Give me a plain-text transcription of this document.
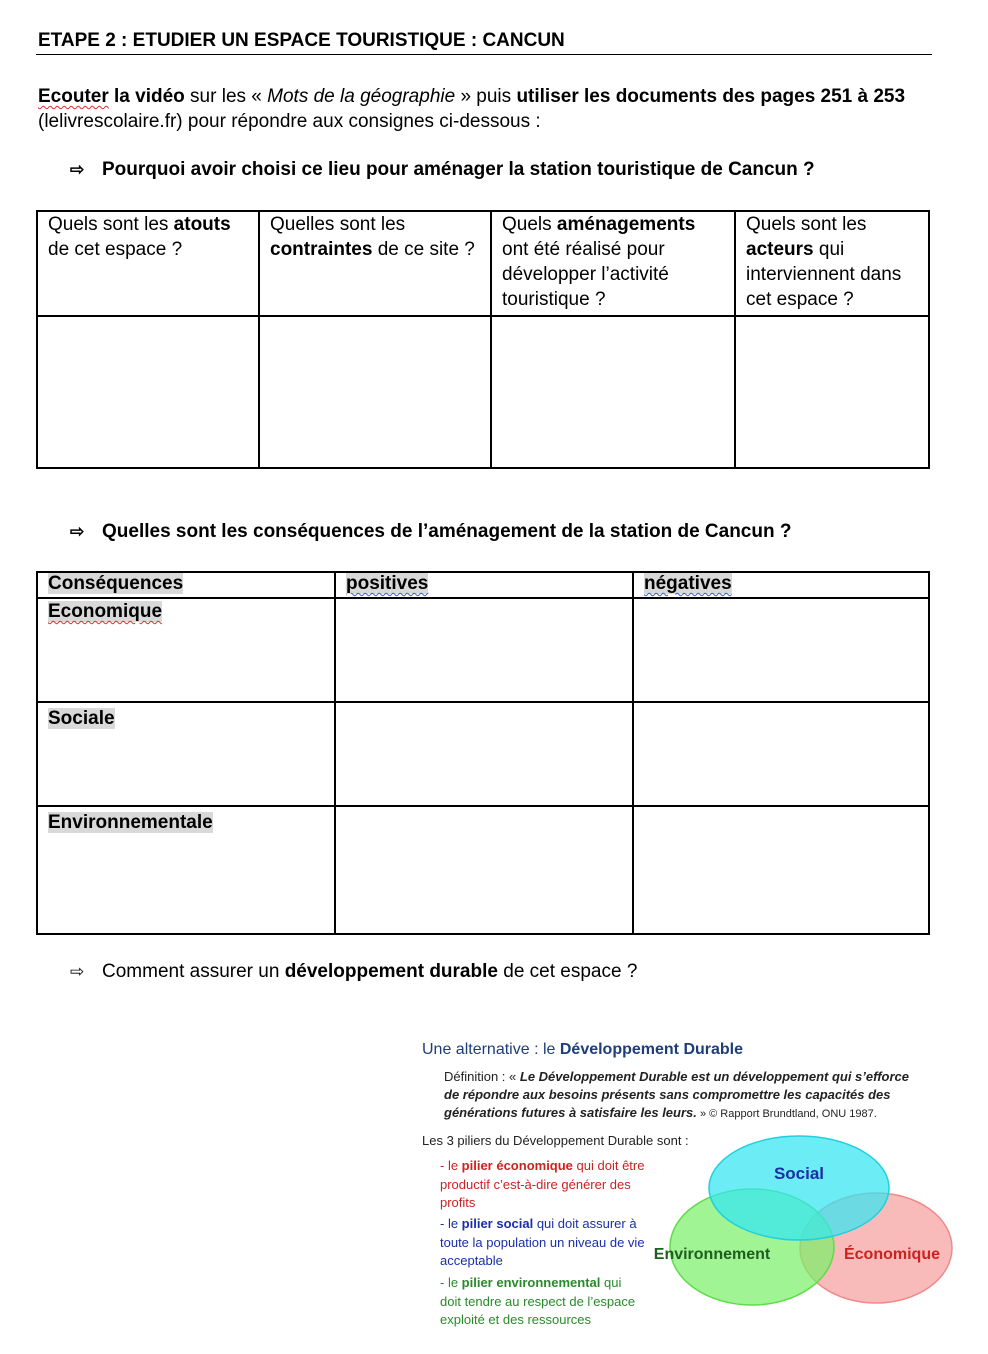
ETAPE 2 : ETUDIER UN ESPACE TOURISTIQUE : CANCUN
Ecouter la vidéo sur les « Mots de la géographie » puis utiliser les documents des pages 251 à 253
(lelivrescolaire.fr) pour répondre aux consignes ci-dessous :
⇨ Pourquoi avoir choisi ce lieu pour aménager la station touristique de Cancun ?
Quels sont les atouts de cet espace ?	Quelles sont les contraintes de ce site ?	Quels aménagements ont été réalisé pour développer l’activité touristique ?	Quels sont les acteurs qui interviennent dans cet espace ?

⇨ Quelles sont les conséquences de l’aménagement de la station de Cancun ?
Conséquences	positives	négatives
Economique		
Sociale		
Environnementale		
⇨ Comment assurer un développement durable de cet espace ?
Une alternative : le Développement Durable
Définition : « Le Développement Durable est un développement qui s’efforce de répondre aux besoins présents sans compromettre les capacités des générations futures à satisfaire les leurs. » © Rapport Brundtland, ONU 1987.
Les 3 piliers du Développement Durable sont :
- le pilier économique qui doit être productif c’est-à-dire générer des profits
- le pilier social qui doit assurer à toute la population un niveau de vie acceptable
- le pilier environnemental qui doit tendre au respect de l’espace exploité et des ressources
Social
Environnement	Économique
